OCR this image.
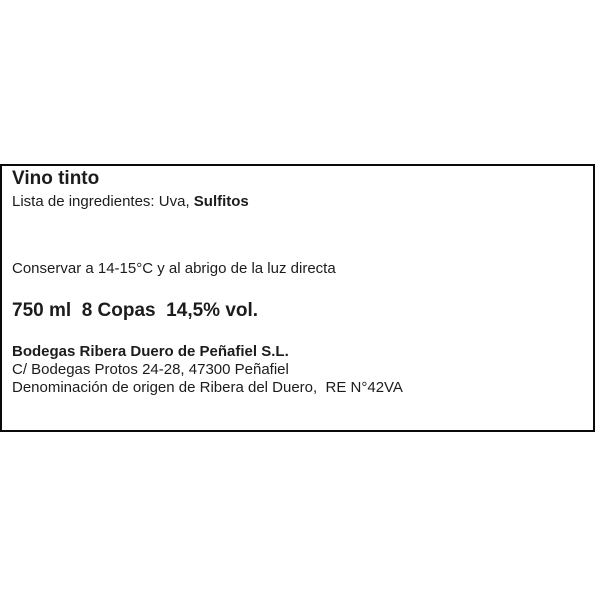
Vino tinto
Lista de ingredientes: Uva, Sulfitos
Conservar a 14-15°C y al abrigo de la luz directa
750 ml  8 Copas  14,5% vol.
Bodegas Ribera Duero de Peñafiel S.L.
C/ Bodegas Protos 24-28, 47300 Peñafiel
Denominación de origen de Ribera del Duero,  RE N°42VA
